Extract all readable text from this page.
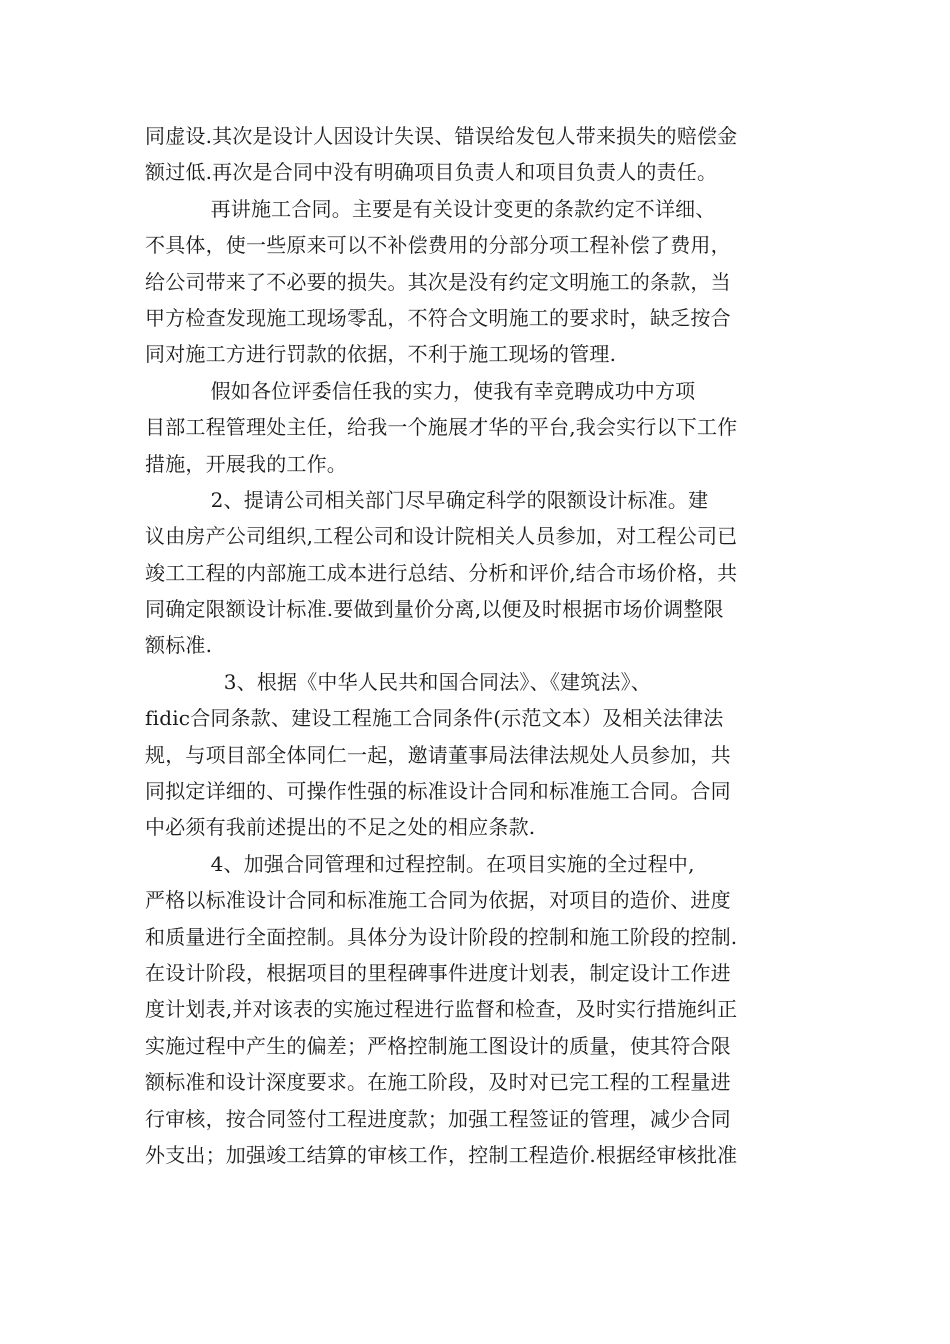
同虚设.其次是设计人因设计失误、错误给发包人带来损失的赔偿金
额过低.再次是合同中没有明确项目负责人和项目负责人的责任。
再讲施工合同。主要是有关设计变更的条款约定不详细、
不具体，使一些原来可以不补偿费用的分部分项工程补偿了费用，
给公司带来了不必要的损失。其次是没有约定文明施工的条款，当
甲方检查发现施工现场零乱，不符合文明施工的要求时，缺乏按合
同对施工方进行罚款的依据，不利于施工现场的管理.
假如各位评委信任我的实力，使我有幸竞聘成功中方项
目部工程管理处主任，给我一个施展才华的平台,我会实行以下工作
措施，开展我的工作。
2、提请公司相关部门尽早确定科学的限额设计标准。建
议由房产公司组织,工程公司和设计院相关人员参加，对工程公司已
竣工工程的内部施工成本进行总结、分析和评价,结合市场价格，共
同确定限额设计标准.要做到量价分离,以便及时根据市场价调整限
额标准.
3、根据《中华人民共和国合同法》、《建筑法》、
fidic合同条款、建设工程施工合同条件(示范文本）及相关法律法
规，与项目部全体同仁一起，邀请董事局法律法规处人员参加，共
同拟定详细的、可操作性强的标准设计合同和标准施工合同。合同
中必须有我前述提出的不足之处的相应条款.
4、加强合同管理和过程控制。在项目实施的全过程中,
严格以标准设计合同和标准施工合同为依据，对项目的造价、进度
和质量进行全面控制。具体分为设计阶段的控制和施工阶段的控制.
在设计阶段，根据项目的里程碑事件进度计划表，制定设计工作进
度计划表,并对该表的实施过程进行监督和检查，及时实行措施纠正
实施过程中产生的偏差；严格控制施工图设计的质量，使其符合限
额标准和设计深度要求。在施工阶段，及时对已完工程的工程量进
行审核，按合同签付工程进度款；加强工程签证的管理，减少合同
外支出；加强竣工结算的审核工作，控制工程造价.根据经审核批准
